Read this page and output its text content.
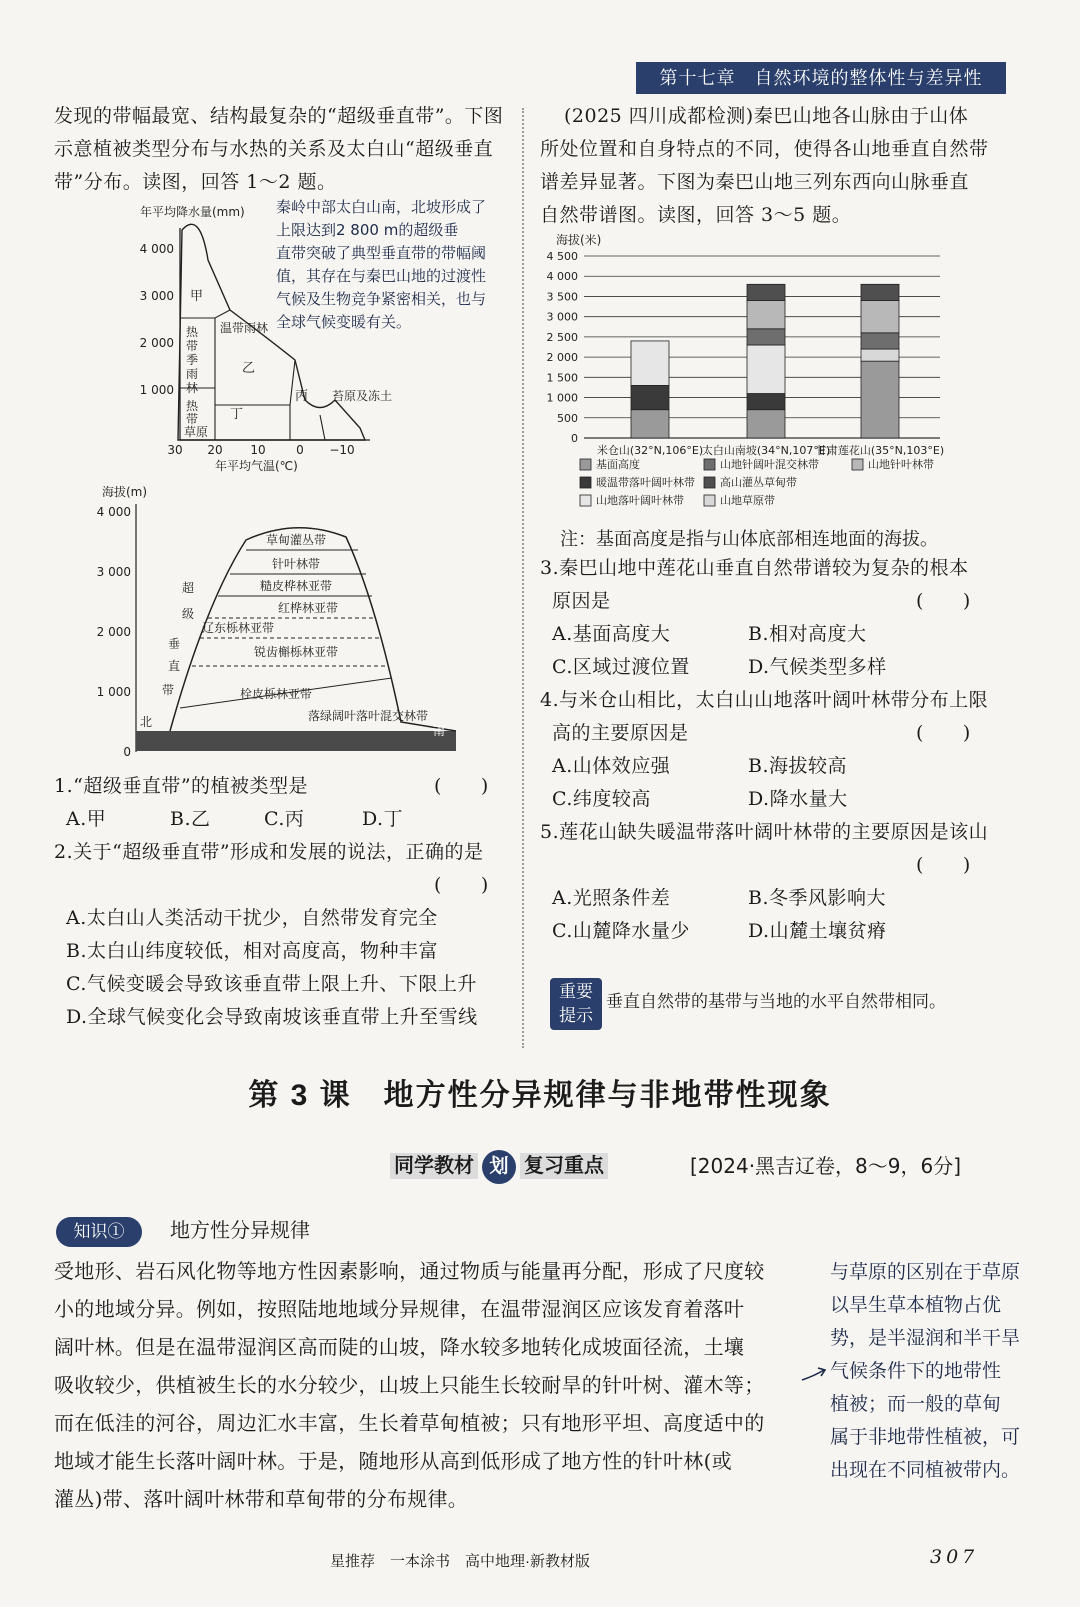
第十七章　自然环境的整体性与差异性
发现的带幅最宽、结构最复杂的“超级垂直带”。下图
示意植被类型分布与水热的关系及太白山“超级垂直
带”分布。读图，回答 1～2 题。
年平均降水量(mm)
4 000
3 000
2 000
1 000
30 20 10	0 −10
年平均气温(℃)
甲
热
带
季
雨
林
热
带
草原
温带雨林
乙
丙
丁
苔原及冻土
秦岭中部太白山南，北坡形成了
上限达到2 800 m的超级垂
直带突破了典型垂直带的带幅阈
值，其存在与秦巴山地的过渡性
气候及生物竞争紧密相关，也与
全球气候变暖有关。
海拔(m)
4 000
3 000
2 000
1 000
0
草甸灌丛带
针叶林带
糙皮桦林亚带
红桦林亚带
辽东栎林亚带
锐齿槲栎林亚带
栓皮栎林亚带
落绿阔叶落叶混交林带
超
级
垂
直
带
北
南
1.“超级垂直带”的植被类型是	(　　)
A.甲	B.乙	C.丙	D.丁
2.关于“超级垂直带”形成和发展的说法，正确的是
(　　)
A.太白山人类活动干扰少，自然带发育完全
B.太白山纬度较低，相对高度高，物种丰富
C.气候变暖会导致该垂直带上限上升、下限上升
D.全球气候变化会导致南坡该垂直带上升至雪线
(2025 四川成都检测)秦巴山地各山脉由于山体
所处位置和自身特点的不同，使得各山地垂直自然带
谱差异显著。下图为秦巴山地三列东西向山脉垂直
自然带谱图。读图，回答 3～5 题。
海拔(米)
4 500
4 000
3 500
3 000
2 500
2 000
1 500
1 000
500
0
米仓山(32°N,106°E)
太白山南坡(34°N,107°E)
甘肃莲花山(35°N,103°E)
基面高度
暖温带落叶阔叶林带
山地落叶阔叶林带
山地针阔叶混交林带
高山灌丛草甸带
山地草原带
山地针叶林带
注：基面高度是指与山体底部相连地面的海拔。
3.秦巴山地中莲花山垂直自然带谱较为复杂的根本
原因是	(　　)
A.基面高度大	B.相对高度大
C.区域过渡位置	D.气候类型多样
4.与米仓山相比，太白山山地落叶阔叶林带分布上限
高的主要原因是	(　　)
A.山体效应强	B.海拔较高
C.纬度较高	D.降水量大
5.莲花山缺失暖温带落叶阔叶林带的主要原因是该山
(　　)
A.光照条件差	B.冬季风影响大
C.山麓降水量少	D.山麓土壤贫瘠
重要
提示
垂直自然带的基带与当地的水平自然带相同。
第 3 课　地方性分异规律与非地带性现象
同学教材 划 复习重点	[2024·黑吉辽卷，8～9，6分]
知识①	地方性分异规律
受地形、岩石风化物等地方性因素影响，通过物质与能量再分配，形成了尺度较
小的地域分异。例如，按照陆地地域分异规律，在温带湿润区应该发育着落叶
阔叶林。但是在温带湿润区高而陡的山坡，降水较多地转化成坡面径流，土壤
吸收较少，供植被生长的水分较少，山坡上只能生长较耐旱的针叶树、灌木等；
而在低洼的河谷，周边汇水丰富，生长着草甸植被；只有地形平坦、高度适中的
地域才能生长落叶阔叶林。于是，随地形从高到低形成了地方性的针叶林(或
灌丛)带、落叶阔叶林带和草甸带的分布规律。
与草原的区别在于草原
以旱生草本植物占优
势，是半湿润和半干旱
气候条件下的地带性
植被；而一般的草甸
属于非地带性植被，可
出现在不同植被带内。
星推荐　一本涂书　高中地理·新教材版	307
